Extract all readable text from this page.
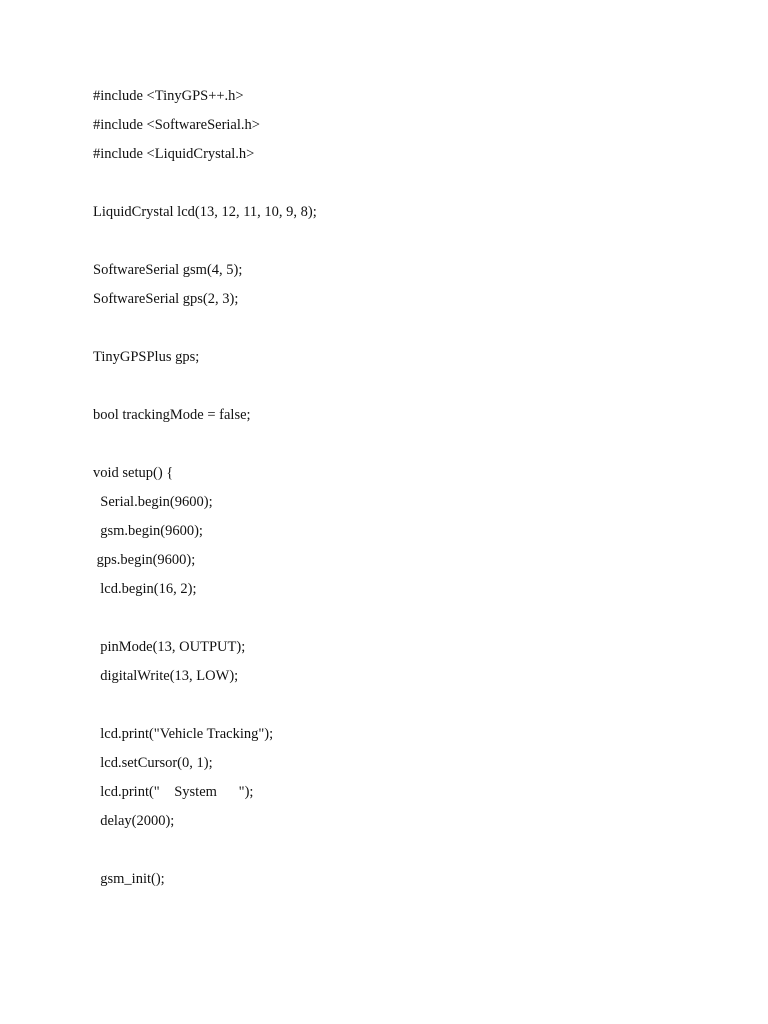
#include <TinyGPS++.h>
#include <SoftwareSerial.h>
#include <LiquidCrystal.h>
LiquidCrystal lcd(13, 12, 11, 10, 9, 8);
SoftwareSerial gsm(4, 5);
SoftwareSerial gps(2, 3);
TinyGPSPlus gps;
bool trackingMode = false;
void setup() {
Serial.begin(9600);
gsm.begin(9600);
gps.begin(9600);
lcd.begin(16, 2);
pinMode(13, OUTPUT);
digitalWrite(13, LOW);
lcd.print("Vehicle Tracking");
lcd.setCursor(0, 1);
lcd.print("    System      ");
delay(2000);
gsm_init();
